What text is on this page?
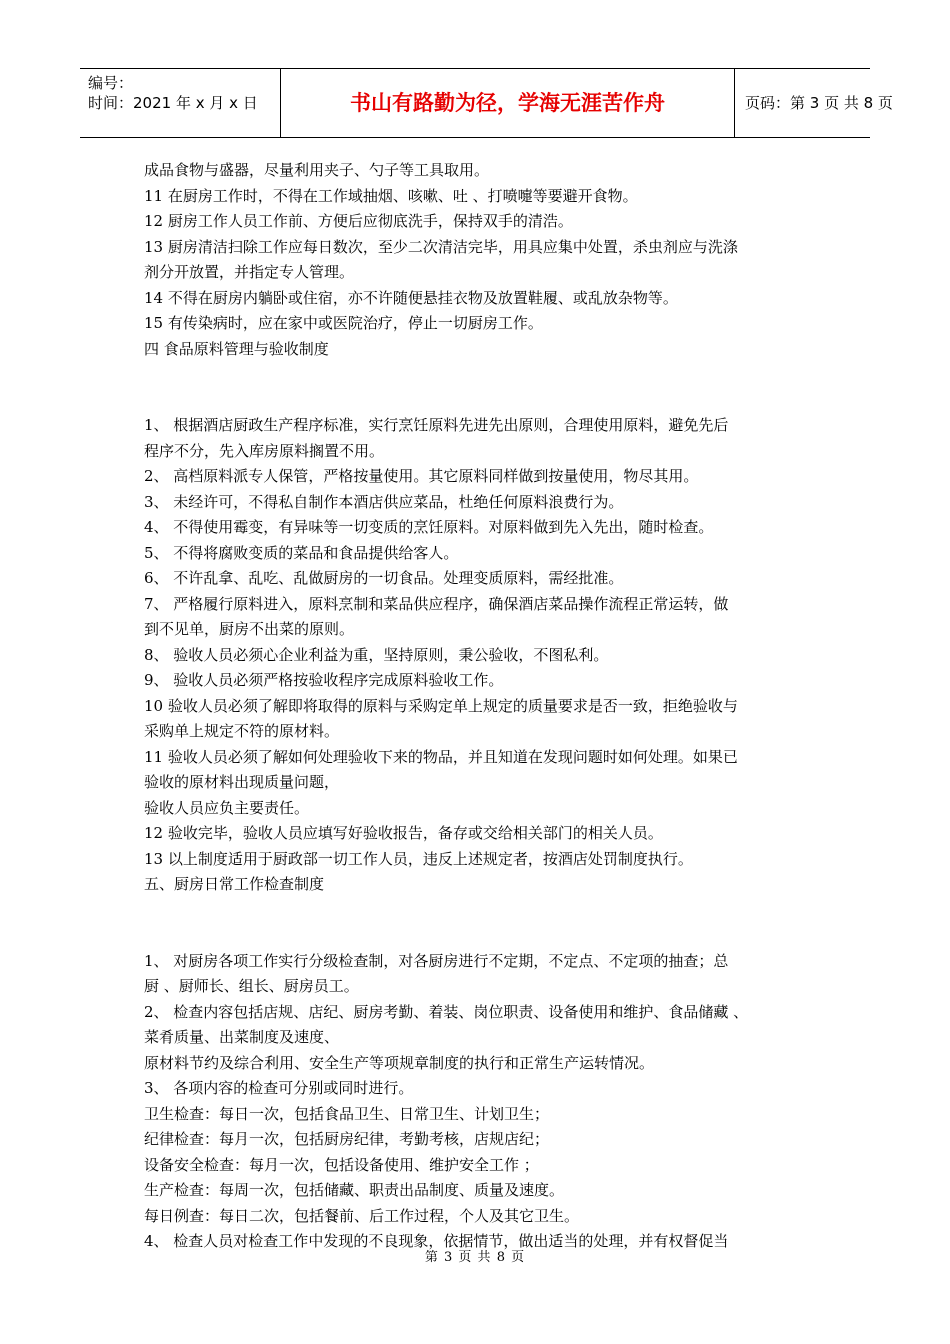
编号：
时间：2021 年 x 月 x 日	书山有路勤为径，学海无涯苦作舟	页码：第 3 页 共 8 页
成品食物与盛器，尽量利用夹子、勺子等工具取用。
11 在厨房工作时，不得在工作域抽烟、咳嗽、吐 、打喷嚏等要避开食物。
12 厨房工作人员工作前、方便后应彻底洗手，保持双手的清浩。
13 厨房清洁扫除工作应每日数次，至少二次清洁完毕，用具应集中处置，杀虫剂应与洗涤
剂分开放置，并指定专人管理。
14 不得在厨房内躺卧或住宿，亦不许随便悬挂衣物及放置鞋履、或乱放杂物等。
15 有传染病时，应在家中或医院治疗，停止一切厨房工作。
四 食品原料管理与验收制度
1、 根据酒店厨政生产程序标准，实行烹饪原料先进先出原则，合理使用原料，避免先后
程序不分，先入库房原料搁置不用。
2、 高档原料派专人保管，严格按量使用。其它原料同样做到按量使用，物尽其用。
3、 未经许可，不得私自制作本酒店供应菜品，杜绝任何原料浪费行为。
4、 不得使用霉变，有异味等一切变质的烹饪原料。对原料做到先入先出，随时检查。
5、 不得将腐败变质的菜品和食品提供给客人。
6、 不许乱拿、乱吃、乱做厨房的一切食品。处理变质原料，需经批准。
7、 严格履行原料进入，原料烹制和菜品供应程序，确保酒店菜品操作流程正常运转，做
到不见单，厨房不出菜的原则。
8、 验收人员必须心企业利益为重，坚持原则，秉公验收，不图私利。
9、 验收人员必须严格按验收程序完成原料验收工作。
10 验收人员必须了解即将取得的原料与采购定单上规定的质量要求是否一致，拒绝验收与
采购单上规定不符的原材料。
11 验收人员必须了解如何处理验收下来的物品，并且知道在发现问题时如何处理。如果已
验收的原材料出现质量问题，
验收人员应负主要责任。
12 验收完毕，验收人员应填写好验收报告，备存或交给相关部门的相关人员。
13 以上制度适用于厨政部一切工作人员，违反上述规定者，按酒店处罚制度执行。
五、厨房日常工作检查制度
1、 对厨房各项工作实行分级检查制，对各厨房进行不定期，不定点、不定项的抽查；总
厨 、厨师长、组长、厨房员工。
2、 检查内容包括店规、店纪、厨房考勤、着装、岗位职责、设备使用和维护、食品储藏 、
菜肴质量、出菜制度及速度、
原材料节约及综合利用、安全生产等项规章制度的执行和正常生产运转情况。
3、 各项内容的检查可分别或同时进行。
卫生检查：每日一次，包括食品卫生、日常卫生、计划卫生；
纪律检查：每月一次，包括厨房纪律，考勤考核，店规店纪；
设备安全检查：每月一次，包括设备使用、维护安全工作 ；
生产检查：每周一次，包括储藏、职责出品制度、质量及速度。
每日例查：每日二次，包括餐前、后工作过程，个人及其它卫生。
4、 检查人员对检查工作中发现的不良现象，依据情节，做出适当的处理，并有权督促当
第 3 页 共 8 页
